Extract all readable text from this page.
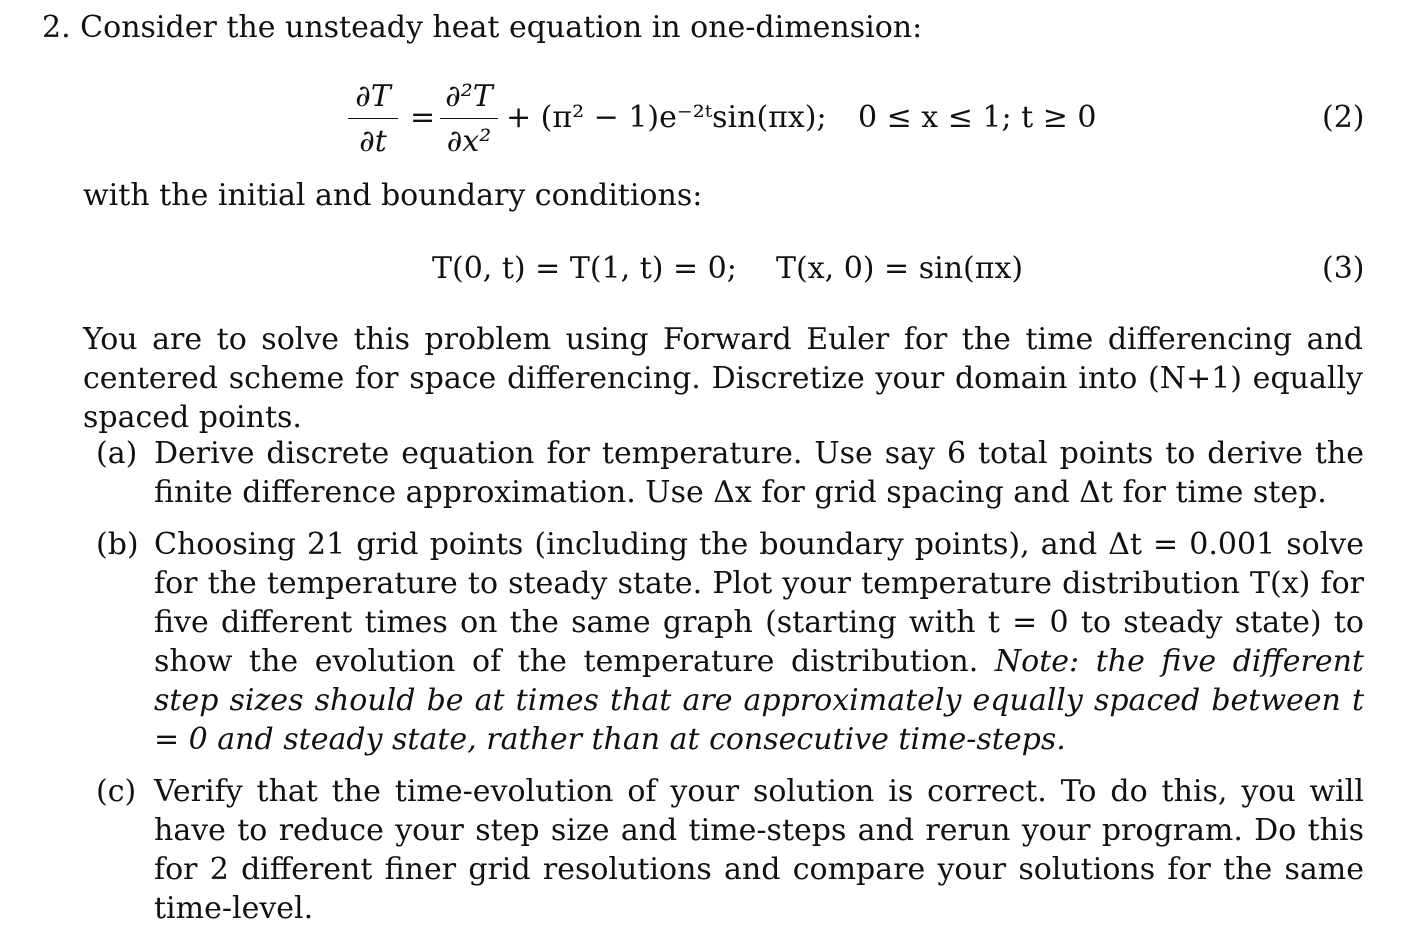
2. Consider the unsteady heat equation in one-dimension:
∂T
∂t
=
∂²T
∂x²
+ (π² − 1)e⁻²ᵗsin(πx); 0 ≤ x ≤ 1; t ≥ 0	(2)
with the initial and boundary conditions:
T(0, t) = T(1, t) = 0; T(x, 0) = sin(πx)	(3)
You are to solve this problem using Forward Euler for the time differencing and centered scheme for space differencing. Discretize your domain into (N+1) equally spaced points.
(a) Derive discrete equation for temperature. Use say 6 total points to derive the finite difference approximation. Use Δx for grid spacing and Δt for time step.
(b) Choosing 21 grid points (including the boundary points), and Δt = 0.001 solve for the temperature to steady state. Plot your temperature distribution T(x) for five different times on the same graph (starting with t = 0 to steady state) to show the evolution of the temperature distribution. Note: the five different step sizes should be at times that are approximately equally spaced between t = 0 and steady state, rather than at consecutive time-steps.
(c) Verify that the time-evolution of your solution is correct. To do this, you will have to reduce your step size and time-steps and rerun your program. Do this for 2 different finer grid resolutions and compare your solutions for the same time-level.
